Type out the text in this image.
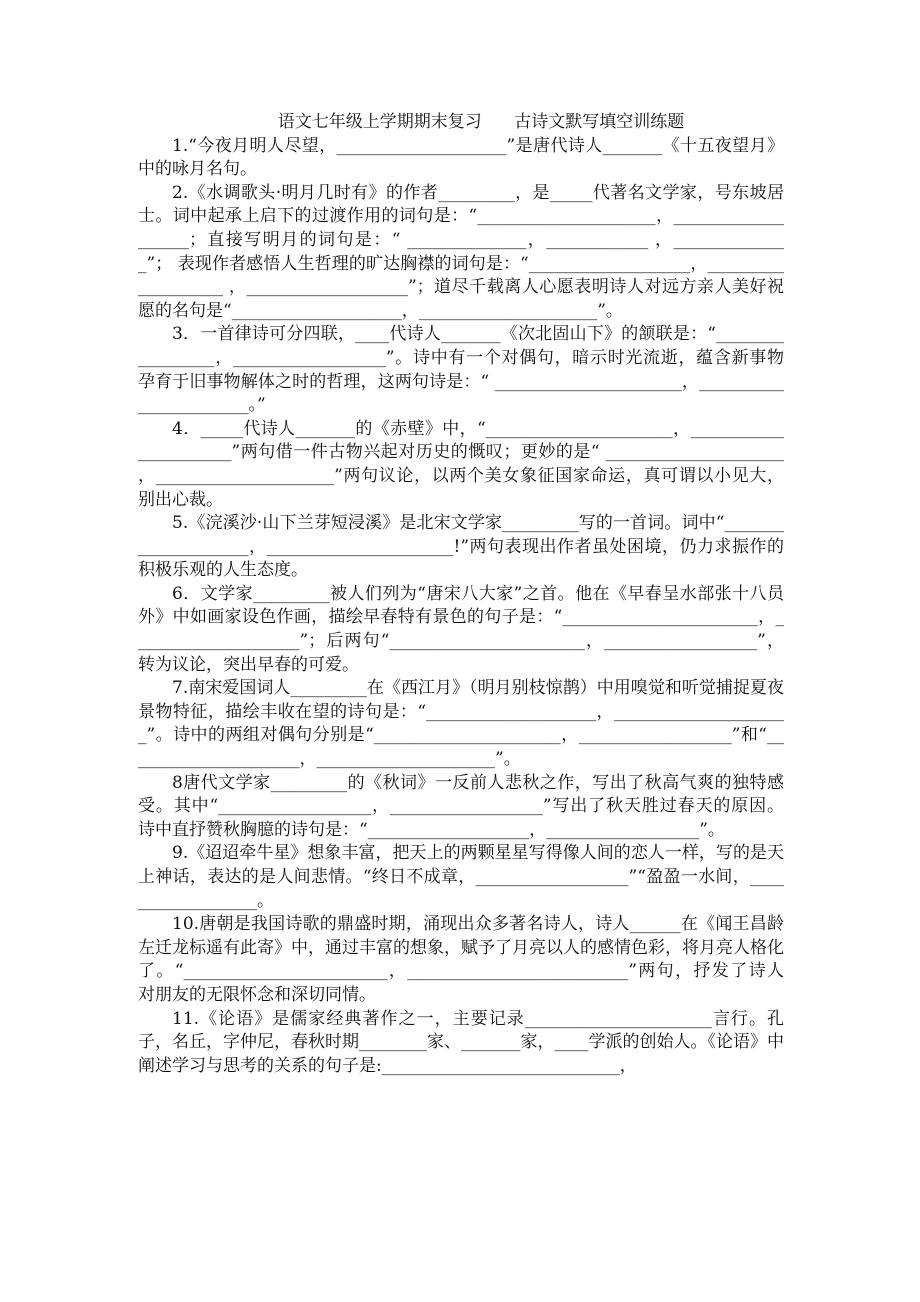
语文七年级上学期期末复习      古诗文默写填空训练题

1.“今夜月明人尽望，____________________”是唐代诗人_______《十五夜望月》中的咏月名句。

2.《水调歌头·明月几时有》的作者_________，是_____代著名文学家，号东坡居士。词中起承上启下的过渡作用的词句是：“_____________________，___________________；直接写明月的词句是：“ ______________，____________ ，______________”； 表现作者感悟人生哲理的旷达胸襟的词句是：“___________________，___________________ ，___________________”；道尽千载离人心愿表明诗人对远方亲人美好祝愿的名句是“____________________，_____________________”。

3．一首律诗可分四联，____代诗人_______《次北固山下》的颔联是：“_________________，__________________”。诗中有一个对偶句，暗示时光流逝，蕴含新事物孕育于旧事物解体之时的哲理，这两句诗是：“ ______________________，_______________________。”

4．_____代诗人_______的《赤壁》中，“______________________，______________________”两句借一件古物兴起对历史的慨叹；更妙的是“ _____________________ ，_____________________”两句议论，以两个美女象征国家命运，真可谓以小见大，别出心裁。

5.《浣溪沙·山下兰芽短浸溪》是北宋文学家_________写的一首词。词中“____________________，______________________!”两句表现出作者虽处困境，仍力求振作的积极乐观的人生态度。

6．文学家_________被人们列为“唐宋八大家”之首。他在《早春呈水部张十八员外》中如画家设色作画，描绘早春特有景色的句子是：“_______________________，____________________”；后两句“_______________________，__________________”，转为议论，突出早春的可爱。

7.南宋爱国词人_________在《西江月》（明月别枝惊鹊）中用嗅觉和听觉捕捉夏夜景物特征，描绘丰收在望的诗句是：“____________________，_____________________”。诗中的两组对偶句分别是“______________________，__________________”和“_____________________，_____________________”。

8唐代文学家_________的《秋词》一反前人悲秋之作，写出了秋高气爽的独特感受。其中“__________________，__________________”写出了秋天胜过春天的原因。诗中直抒赞秋胸臆的诗句是：“___________________，__________________”。

9.《迢迢牵牛星》想象丰富，把天上的两颗星星写得像人间的恋人一样，写的是天上神话，表达的是人间悲情。“终日不成章，__________________”“盈盈一水间，__________________。

10.唐朝是我国诗歌的鼎盛时期，涌现出众多著名诗人，诗人______在《闻王昌龄左迁龙标遥有此寄》中，通过丰富的想象，赋予了月亮以人的感情色彩，将月亮人格化了。“________________________，__________________________”两句，抒发了诗人对朋友的无限怀念和深切同情。

11.《论语》是儒家经典著作之一，主要记录______________________言行。孔子，名丘，字仲尼，春秋时期________家、_______家，____学派的创始人。《论语》中阐述学习与思考的关系的句子是:____________________________，
